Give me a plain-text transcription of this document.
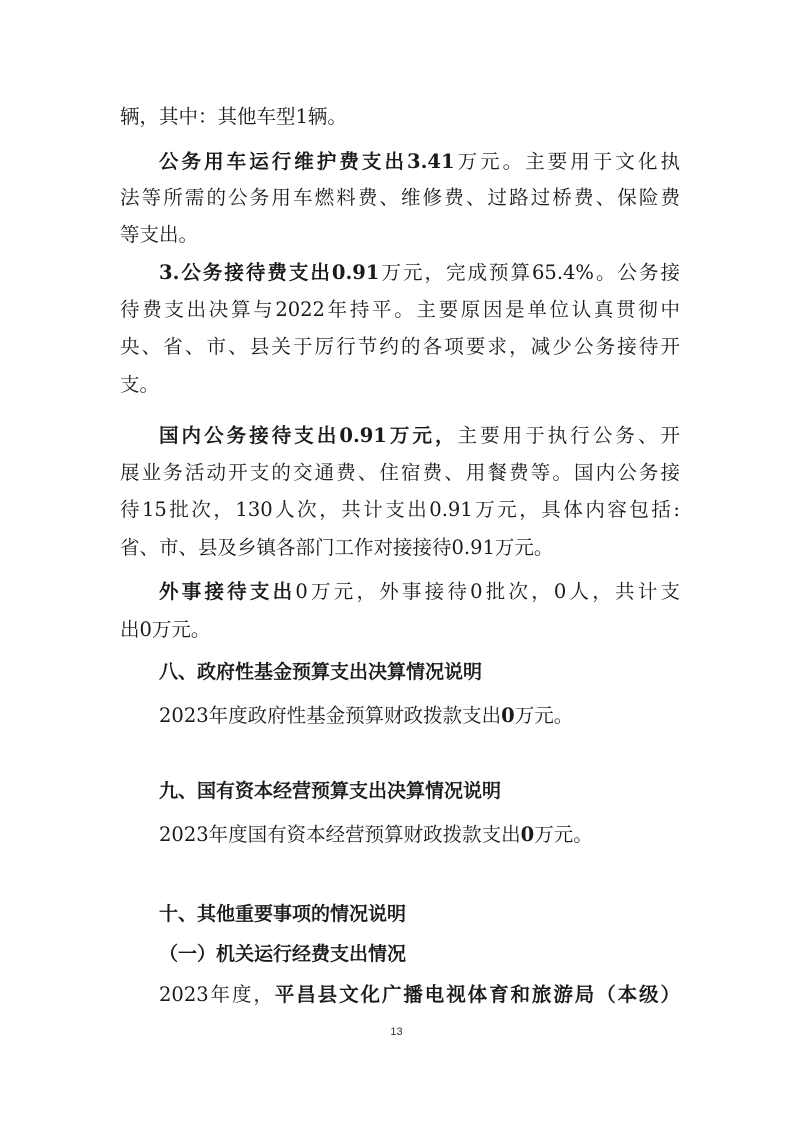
辆，其中：其他车型1辆。
公务用车运行维护费支出3.41万元。主要用于文化执
法等所需的公务用车燃料费、维修费、过路过桥费、保险费
等支出。
3.公务接待费支出0.91万元，完成预算65.4%。公务接
待费支出决算与2022年持平。主要原因是单位认真贯彻中
央、省、市、县关于厉行节约的各项要求，减少公务接待开
支。
国内公务接待支出0.91万元，主要用于执行公务、开
展业务活动开支的交通费、住宿费、用餐费等。国内公务接
待15批次，130人次，共计支出0.91万元，具体内容包括:
省、市、县及乡镇各部门工作对接接待0.91万元。
外事接待支出0万元，外事接待0批次，0人，共计支
出0万元。
八、政府性基金预算支出决算情况说明
2023年度政府性基金预算财政拨款支出0万元。
九、国有资本经营预算支出决算情况说明
2023年度国有资本经营预算财政拨款支出0万元。
十、其他重要事项的情况说明
（一）机关运行经费支出情况
2023年度，平昌县文化广播电视体育和旅游局（本级）
13
